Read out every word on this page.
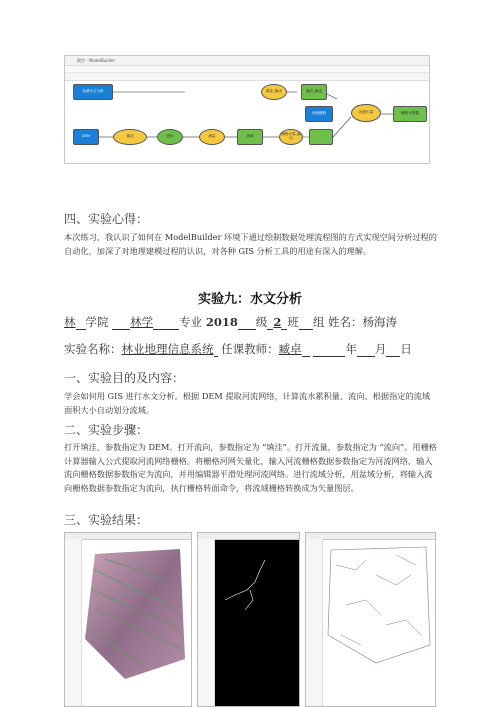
模型 - ModelBuilder
存储水文分析	填洼_输出	流向_输出
河流栅格	河流矢量	栅格计算器
DEM	填洼	流向	流量	流域	栅格计算_输出
四、实验心得：
本次练习，我认识了如何在 ModelBuilder 环境下通过绘制数据处理流程图的方式实现空间分析过程的自动化，加深了对地理建模过程的认识，对各种 GIS 分析工具的用途有深入的理解。
实验九：水文分析
林 学院 林学 专业 2018 级 2 班 组 姓名：杨海涛
实验名称：林业地理信息系统 任课教师：臧卓	年 月 日
一、实验目的及内容：
学会如何用 GIS 进行水文分析。根据 DEM 提取河流网络，计算流水累积量、流向、根据指定的流域面积大小自动划分流域。
二、实验步骤：
打开填洼，参数指定为 DEM。打开流向，参数指定为 “填洼”。打开流量，参数指定为 “流向”。用栅格计算器输入公式提取河流网络栅格。将栅格河网矢量化，输入河流栅格数据参数指定为河流网络，输入流向栅格数据参数指定为流向，并用编辑器平滑处理河流网络。进行流域分析，用盆域分析，将输入流向栅格数据参数指定为流向，执行栅格转面命令，将流域栅格转换成为矢量图层。
三、实验结果：
